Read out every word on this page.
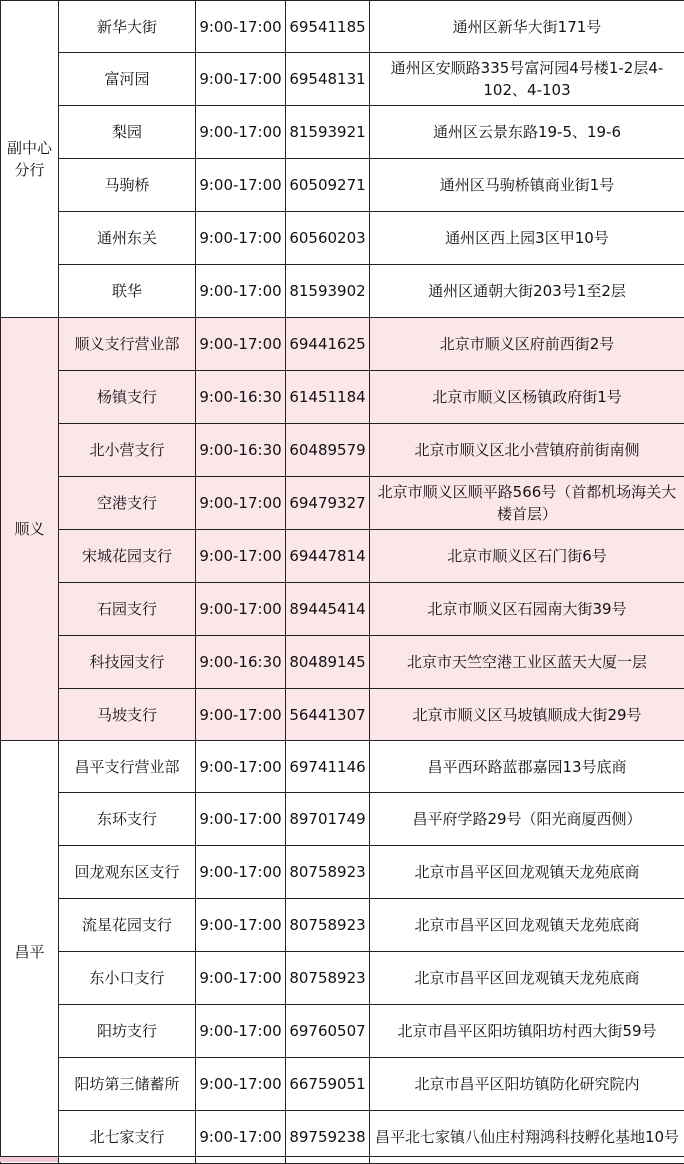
副中心分行	新华大街	9:00-17:00	69541185	通州区新华大街171号
	富河园	9:00-17:00	69548131	通州区安顺路335号富河园4号楼1-2层4-102、4-103
	梨园	9:00-17:00	81593921	通州区云景东路19-5、19-6
	马驹桥	9:00-17:00	60509271	通州区马驹桥镇商业街1号
	通州东关	9:00-17:00	60560203	通州区西上园3区甲10号
	联华	9:00-17:00	81593902	通州区通朝大街203号1至2层
顺义	顺义支行营业部	9:00-17:00	69441625	北京市顺义区府前西街2号
	杨镇支行	9:00-16:30	61451184	北京市顺义区杨镇政府街1号
	北小营支行	9:00-16:30	60489579	北京市顺义区北小营镇府前街南侧
	空港支行	9:00-17:00	69479327	北京市顺义区顺平路566号（首都机场海关大楼首层）
	宋城花园支行	9:00-17:00	69447814	北京市顺义区石门街6号
	石园支行	9:00-17:00	89445414	北京市顺义区石园南大街39号
	科技园支行	9:00-16:30	80489145	北京市天竺空港工业区蓝天大厦一层
	马坡支行	9:00-17:00	56441307	北京市顺义区马坡镇顺成大街29号
昌平	昌平支行营业部	9:00-17:00	69741146	昌平西环路蓝郡嘉园13号底商
	东环支行	9:00-17:00	89701749	昌平府学路29号（阳光商厦西侧）
	回龙观东区支行	9:00-17:00	80758923	北京市昌平区回龙观镇天龙苑底商
	流星花园支行	9:00-17:00	80758923	北京市昌平区回龙观镇天龙苑底商
	东小口支行	9:00-17:00	80758923	北京市昌平区回龙观镇天龙苑底商
	阳坊支行	9:00-17:00	69760507	北京市昌平区阳坊镇阳坊村西大街59号
	阳坊第三储蓄所	9:00-17:00	66759051	北京市昌平区阳坊镇防化研究院内
	北七家支行	9:00-17:00	89759238	昌平北七家镇八仙庄村翔鸿科技孵化基地10号
